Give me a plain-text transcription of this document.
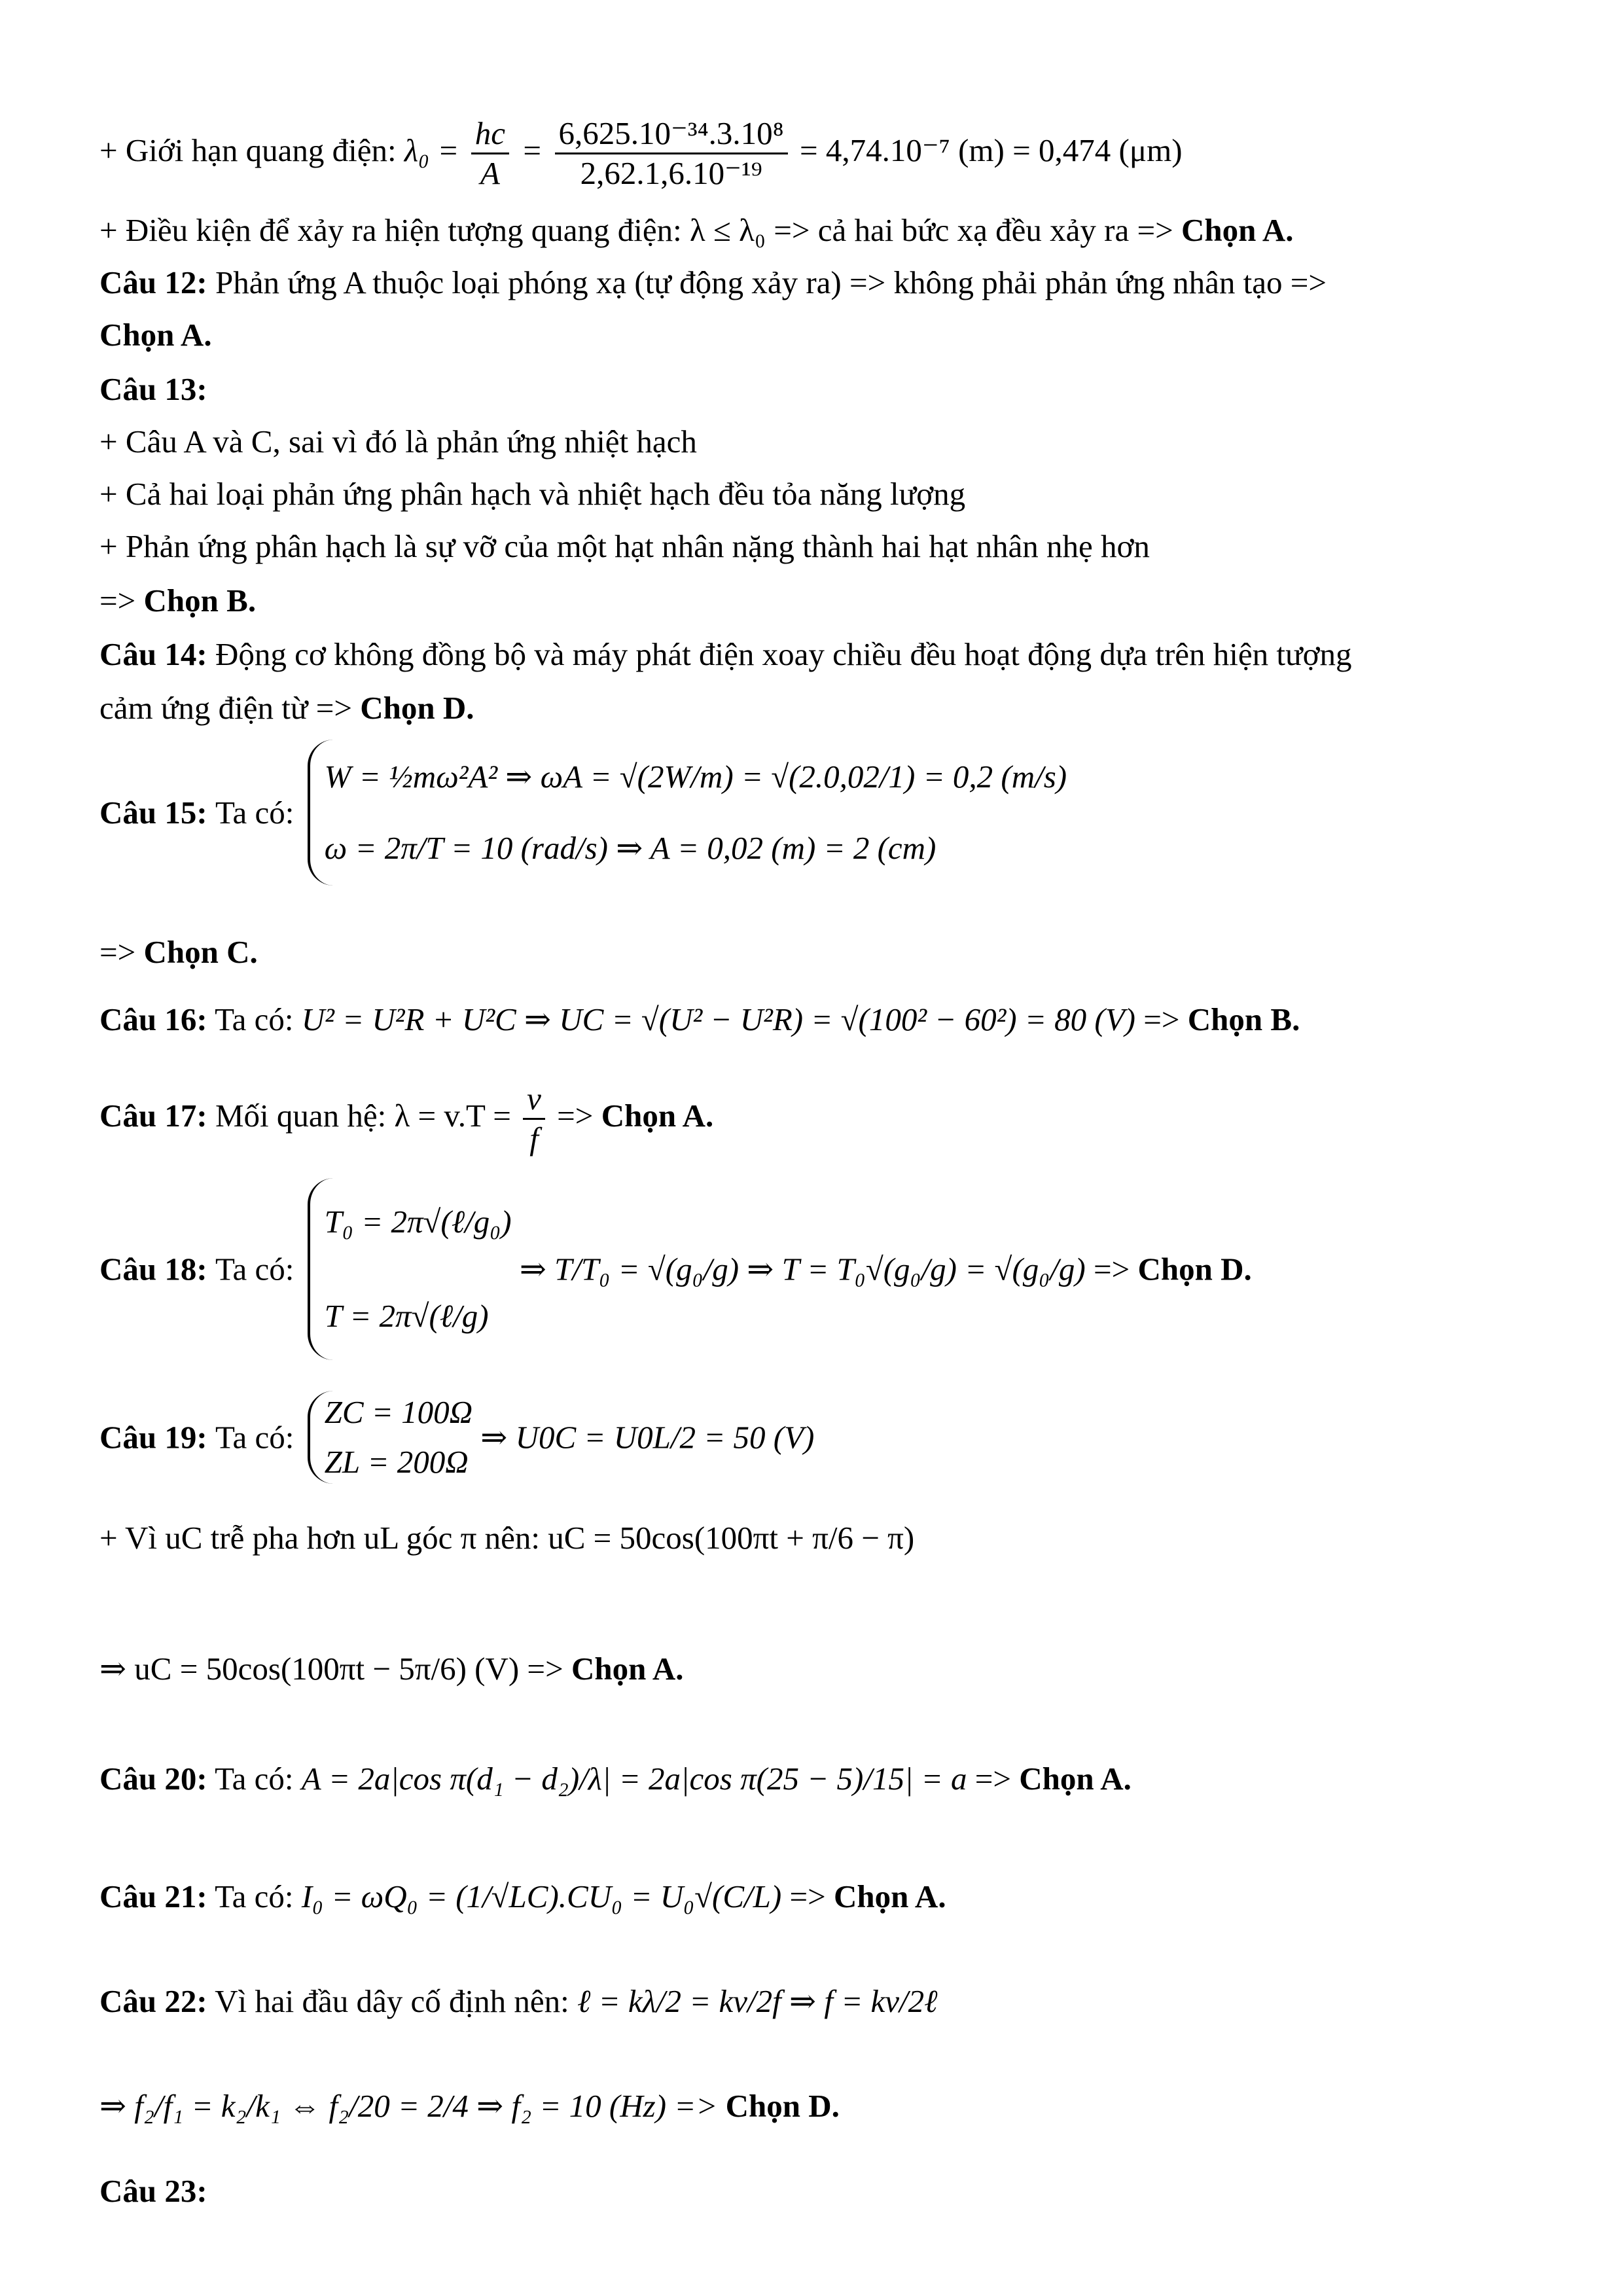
+ Giới hạn quang điện: $\lambda_0 = \frac{hc}{A} = \frac{\text{6,625.10⁻³⁴.3.10⁸}}{\text{2,62.1,6.10⁻¹⁹}} = 4,74.10^{-7}$ (m) = 0,474 (μm)
+ Điều kiện để xảy ra hiện tượng quang điện: λ ≤ λ₀ => cả hai bức xạ đều xảy ra => Chọn A.
Câu 12: Phản ứng A thuộc loại phóng xạ (tự động xảy ra) => không phải phản ứng nhân tạo =>
Chọn A.
Câu 13:
+ Câu A và C, sai vì đó là phản ứng nhiệt hạch
+ Cả hai loại phản ứng phân hạch và nhiệt hạch đều tỏa năng lượng
+ Phản ứng phân hạch là sự vỡ của một hạt nhân nặng thành hai hạt nhân nhẹ hơn
=> Chọn B.
Câu 14: Động cơ không đồng bộ và máy phát điện xoay chiều đều hoạt động dựa trên hiện tượng
cảm ứng điện từ => Chọn D.
Câu 15: Ta có:
W = ½mω²A² ⇒ ωA = √(2W/m) = √(2.0,02/1) = 0,2 (m/s)
ω = 2π/T = 10 (rad/s) ⇒ A = 0,02 (m) = 2 (cm)
=> Chọn C.
Câu 16: Ta có: U² = U²R + U²C ⇒ UC = √(U² − U²R) = √(100² − 60²) = 80 (V) => Chọn B.
Câu 17: Mối quan hệ: $\lambda = v.T = \frac{v}{f}$ => Chọn A.
Câu 18: Ta có:
T₀ = 2π√(ℓ/g₀)
T = 2π√(ℓ/g)
⇒ T/T₀ = √(g₀/g) ⇒ T = T₀√(g₀/g) = √(g₀/g) => Chọn D.
Câu 19: Ta có:
ZC = 100Ω
ZL = 200Ω
⇒ U0C = U0L/2 = 50 (V)
+ Vì uC trễ pha hơn uL góc π nên: uC = 50cos(100πt + π/6 − π)
⇒ uC = 50cos(100πt − 5π/6) (V) => Chọn A.
Câu 20: Ta có: A = 2a|cos π(d₁ − d₂)/λ| = 2a|cos π(25 − 5)/15| = a => Chọn A.
Câu 21: Ta có: I₀ = ωQ₀ = (1/√LC).CU₀ = U₀√(C/L) => Chọn A.
Câu 22: Vì hai đầu dây cố định nên: ℓ = kλ/2 = kv/2f ⇒ f = kv/2ℓ
⇒ f₂/f₁ = k₂/k₁ ⇔ f₂/20 = 2/4 ⇒ f₂ = 10 (Hz) => Chọn D.
Câu 23:
